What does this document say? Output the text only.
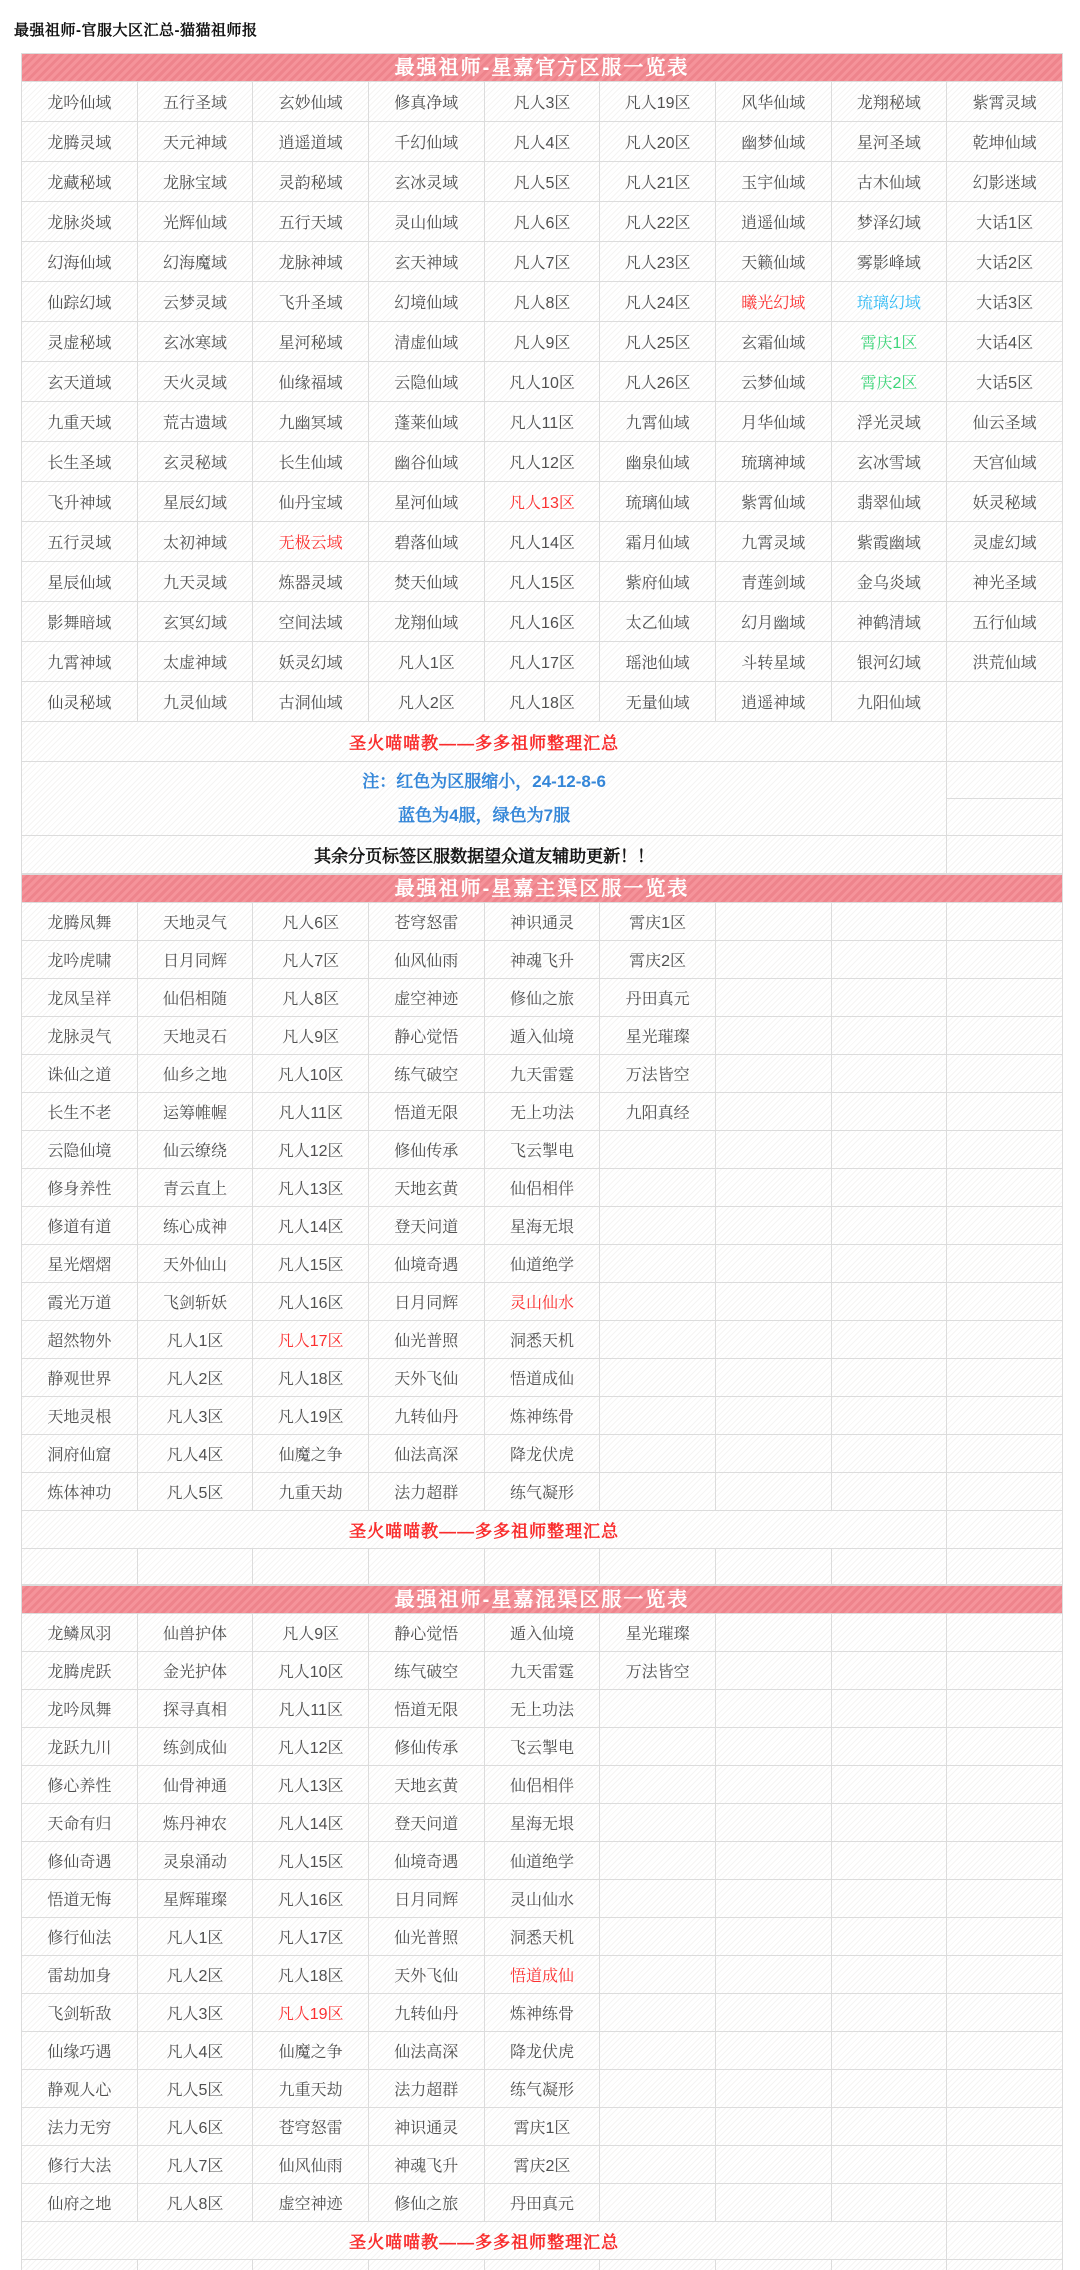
最强祖师-官服大区汇总-猫猫祖师报
最强祖师-星嘉官方区服一览表
龙吟仙域	五行圣域	玄妙仙域	修真净域	凡人3区	凡人19区	风华仙域	龙翔秘域	紫霄灵域
龙腾灵域	天元神域	逍遥道域	千幻仙域	凡人4区	凡人20区	幽梦仙域	星河圣域	乾坤仙域
龙藏秘域	龙脉宝域	灵韵秘域	玄冰灵域	凡人5区	凡人21区	玉宇仙域	古木仙域	幻影迷域
龙脉炎域	光辉仙域	五行天域	灵山仙域	凡人6区	凡人22区	逍遥仙域	梦泽幻域	大话1区
幻海仙域	幻海魔域	龙脉神域	玄天神域	凡人7区	凡人23区	天籁仙域	雾影峰域	大话2区
仙踪幻域	云梦灵域	飞升圣域	幻境仙域	凡人8区	凡人24区	曦光幻域	琉璃幻域	大话3区
灵虚秘域	玄冰寒域	星河秘域	清虚仙域	凡人9区	凡人25区	玄霜仙域	霄庆1区	大话4区
玄天道域	天火灵域	仙缘福域	云隐仙域	凡人10区	凡人26区	云梦仙域	霄庆2区	大话5区
九重天域	荒古遗域	九幽冥域	蓬莱仙域	凡人11区	九霄仙域	月华仙域	浮光灵域	仙云圣域
长生圣域	玄灵秘域	长生仙域	幽谷仙域	凡人12区	幽泉仙域	琉璃神域	玄冰雪域	天宫仙域
飞升神域	星辰幻域	仙丹宝域	星河仙域	凡人13区	琉璃仙域	紫霄仙域	翡翠仙域	妖灵秘域
五行灵域	太初神域	无极云域	碧落仙域	凡人14区	霜月仙域	九霄灵域	紫霞幽域	灵虚幻域
星辰仙域	九天灵域	炼器灵域	焚天仙域	凡人15区	紫府仙域	青莲剑域	金乌炎域	神光圣域
影舞暗域	玄冥幻域	空间法域	龙翔仙域	凡人16区	太乙仙域	幻月幽域	神鹤清域	五行仙域
九霄神域	太虚神域	妖灵幻域	凡人1区	凡人17区	瑶池仙域	斗转星域	银河幻域	洪荒仙域
仙灵秘域	九灵仙域	古洞仙域	凡人2区	凡人18区	无量仙域	逍遥神域	九阳仙域	
圣火喵喵教——多多祖师整理汇总								

注：红色为区服缩小，24-12-8-6
蓝色为4服，绿色为7服								

其余分页标签区服数据望众道友辅助更新！！								
最强祖师-星嘉主渠区服一览表
龙腾凤舞	天地灵气	凡人6区	苍穹怒雷	神识通灵	霄庆1区			
龙吟虎啸	日月同辉	凡人7区	仙风仙雨	神魂飞升	霄庆2区			
龙凤呈祥	仙侣相随	凡人8区	虚空神迹	修仙之旅	丹田真元			
龙脉灵气	天地灵石	凡人9区	静心觉悟	遁入仙境	星光璀璨			
诛仙之道	仙乡之地	凡人10区	练气破空	九天雷霆	万法皆空			
长生不老	运筹帷幄	凡人11区	悟道无限	无上功法	九阳真经			
云隐仙境	仙云缭绕	凡人12区	修仙传承	飞云掣电				
修身养性	青云直上	凡人13区	天地玄黄	仙侣相伴				
修道有道	练心成神	凡人14区	登天问道	星海无垠				
星光熠熠	天外仙山	凡人15区	仙境奇遇	仙道绝学				
霞光万道	飞剑斩妖	凡人16区	日月同辉	灵山仙水				
超然物外	凡人1区	凡人17区	仙光普照	洞悉天机				
静观世界	凡人2区	凡人18区	天外飞仙	悟道成仙				
天地灵根	凡人3区	凡人19区	九转仙丹	炼神练骨				
洞府仙窟	凡人4区	仙魔之争	仙法高深	降龙伏虎				
炼体神功	凡人5区	九重天劫	法力超群	练气凝形				
圣火喵喵教——多多祖师整理汇总								

最强祖师-星嘉混渠区服一览表
龙鳞凤羽	仙兽护体	凡人9区	静心觉悟	遁入仙境	星光璀璨			
龙腾虎跃	金光护体	凡人10区	练气破空	九天雷霆	万法皆空			
龙吟凤舞	探寻真相	凡人11区	悟道无限	无上功法				
龙跃九川	练剑成仙	凡人12区	修仙传承	飞云掣电				
修心养性	仙骨神通	凡人13区	天地玄黄	仙侣相伴				
天命有归	炼丹神农	凡人14区	登天问道	星海无垠				
修仙奇遇	灵泉涌动	凡人15区	仙境奇遇	仙道绝学				
悟道无悔	星辉璀璨	凡人16区	日月同辉	灵山仙水				
修行仙法	凡人1区	凡人17区	仙光普照	洞悉天机				
雷劫加身	凡人2区	凡人18区	天外飞仙	悟道成仙				
飞剑斩敌	凡人3区	凡人19区	九转仙丹	炼神练骨				
仙缘巧遇	凡人4区	仙魔之争	仙法高深	降龙伏虎				
静观人心	凡人5区	九重天劫	法力超群	练气凝形				
法力无穷	凡人6区	苍穹怒雷	神识通灵	霄庆1区				
修行大法	凡人7区	仙风仙雨	神魂飞升	霄庆2区				
仙府之地	凡人8区	虚空神迹	修仙之旅	丹田真元				
圣火喵喵教——多多祖师整理汇总								
